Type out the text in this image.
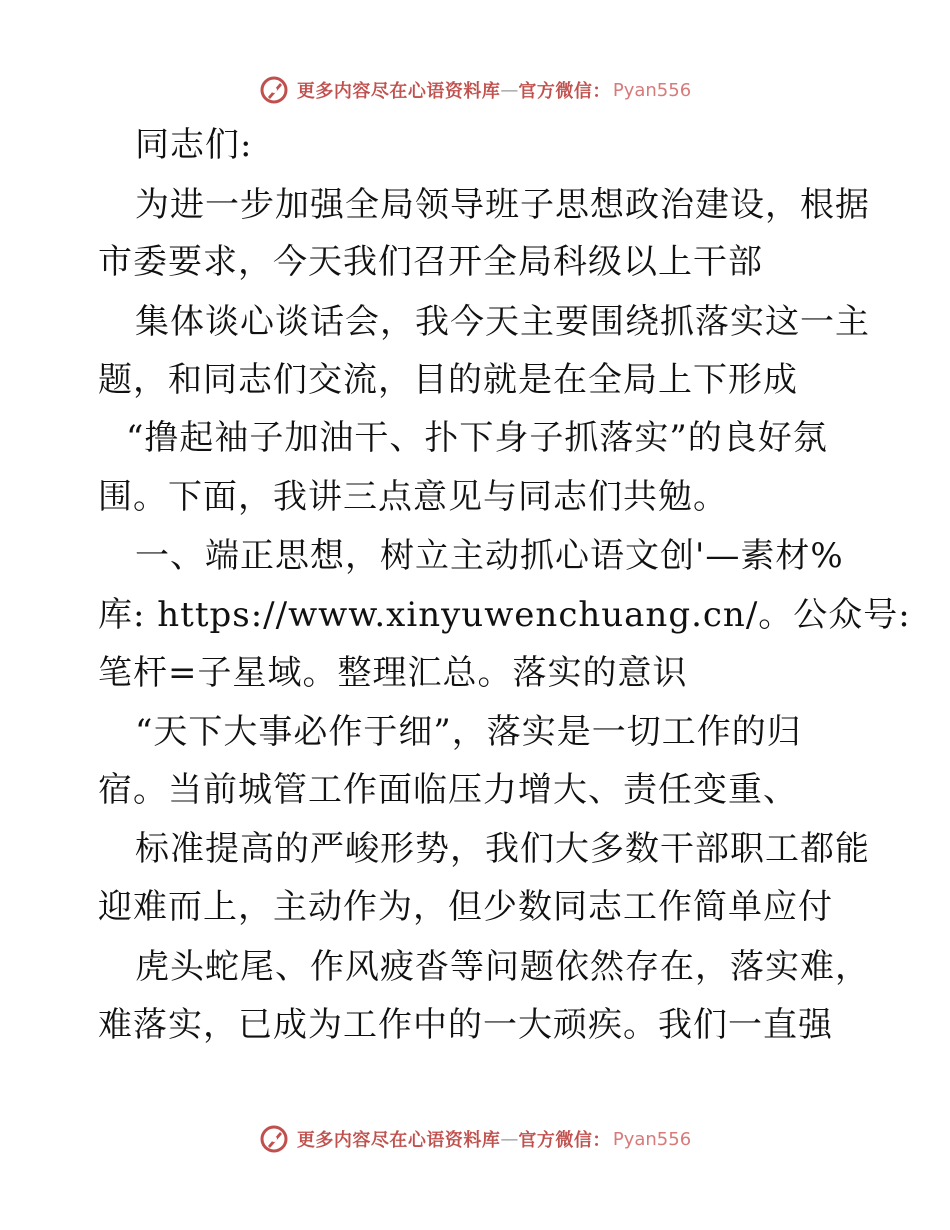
更多内容尽在心语资料库 — 官方微信： Pyan556
同志们:
为进一步加强全局领导班子思想政治建设，根据
市委要求，今天我们召开全局科级以上干部
集体谈心谈话会，我今天主要围绕抓落实这一主
题，和同志们交流，目的就是在全局上下形成
“撸起袖子加油干、扑下身子抓落实”的良好氛
围。下面，我讲三点意见与同志们共勉。
一、端正思想，树立主动抓心语文创'—素材%
库: https://www.xinyuwenchuang.cn/。公众号:
笔杆=子星域。整理汇总。落实的意识
“天下大事必作于细”，落实是一切工作的归
宿。当前城管工作面临压力增大、责任变重、
标准提高的严峻形势，我们大多数干部职工都能
迎难而上，主动作为，但少数同志工作简单应付
虎头蛇尾、作风疲沓等问题依然存在，落实难，
难落实，已成为工作中的一大顽疾。我们一直强
更多内容尽在心语资料库 — 官方微信： Pyan556
